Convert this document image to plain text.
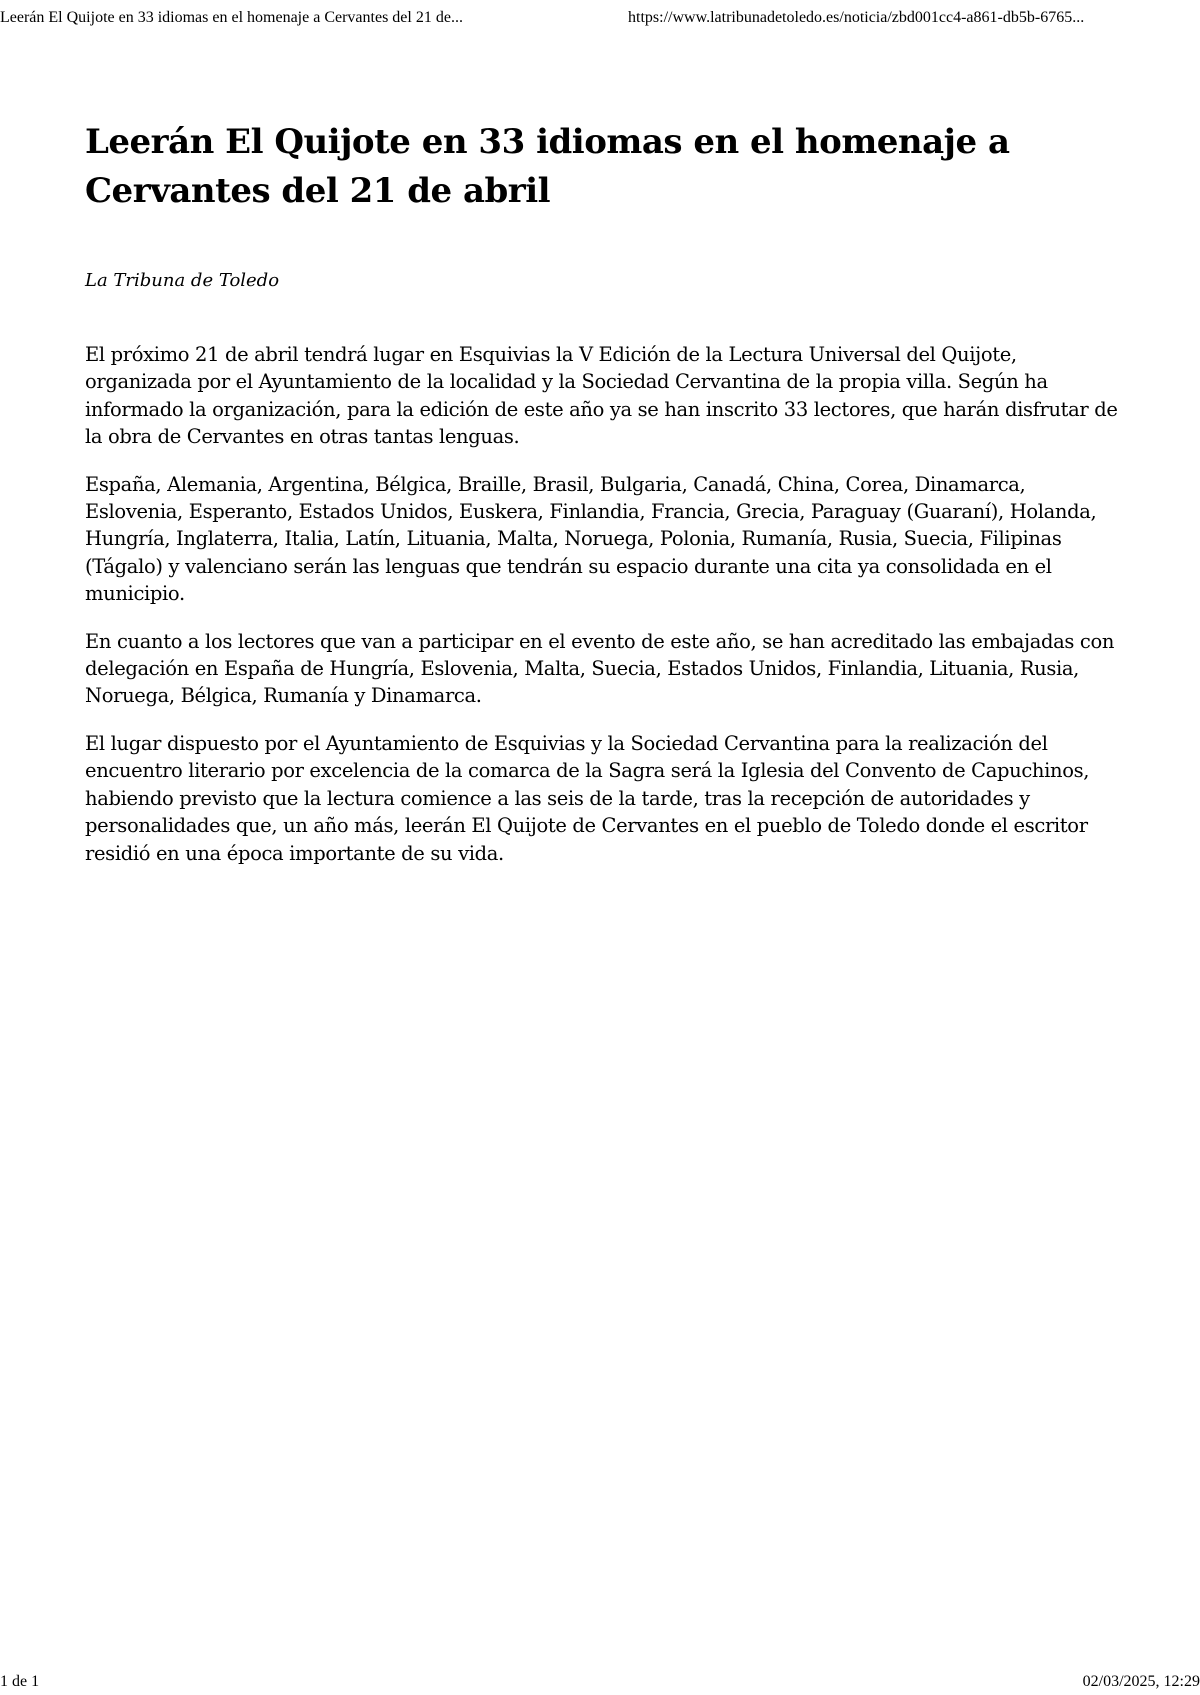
Leerán El Quijote en 33 idiomas en el homenaje a Cervantes del 21 de...	https://www.latribunadetoledo.es/noticia/zbd001cc4-a861-db5b-6765...
Leerán El Quijote en 33 idiomas en el homenaje a Cervantes del 21 de abril
La Tribuna de Toledo

El próximo 21 de abril tendrá lugar en Esquivias la V Edición de la Lectura Universal del Quijote, organizada por el Ayuntamiento de la localidad y la Sociedad Cervantina de la propia villa. Según ha informado la organización, para la edición de este año ya se han inscrito 33 lectores, que harán disfrutar de la obra de Cervantes en otras tantas lenguas.

España, Alemania, Argentina, Bélgica, Braille, Brasil, Bulgaria, Canadá, China, Corea, Dinamarca, Eslovenia, Esperanto, Estados Unidos, Euskera, Finlandia, Francia, Grecia, Paraguay (Guaraní), Holanda, Hungría, Inglaterra, Italia, Latín, Lituania, Malta, Noruega, Polonia, Rumanía, Rusia, Suecia, Filipinas (Tágalo) y valenciano serán las lenguas que tendrán su espacio durante una cita ya consolidada en el municipio.

En cuanto a los lectores que van a participar en el evento de este año, se han acreditado las embajadas con delegación en España de Hungría, Eslovenia, Malta, Suecia, Estados Unidos, Finlandia, Lituania, Rusia, Noruega, Bélgica, Rumanía y Dinamarca.

El lugar dispuesto por el Ayuntamiento de Esquivias y la Sociedad Cervantina para la realización del encuentro literario por excelencia de la comarca de la Sagra será la Iglesia del Convento de Capuchinos, habiendo previsto que la lectura comience a las seis de la tarde, tras la recepción de autoridades y personalidades que, un año más, leerán El Quijote de Cervantes en el pueblo de Toledo donde el escritor residió en una época importante de su vida.

1 de 1	02/03/2025, 12:29
